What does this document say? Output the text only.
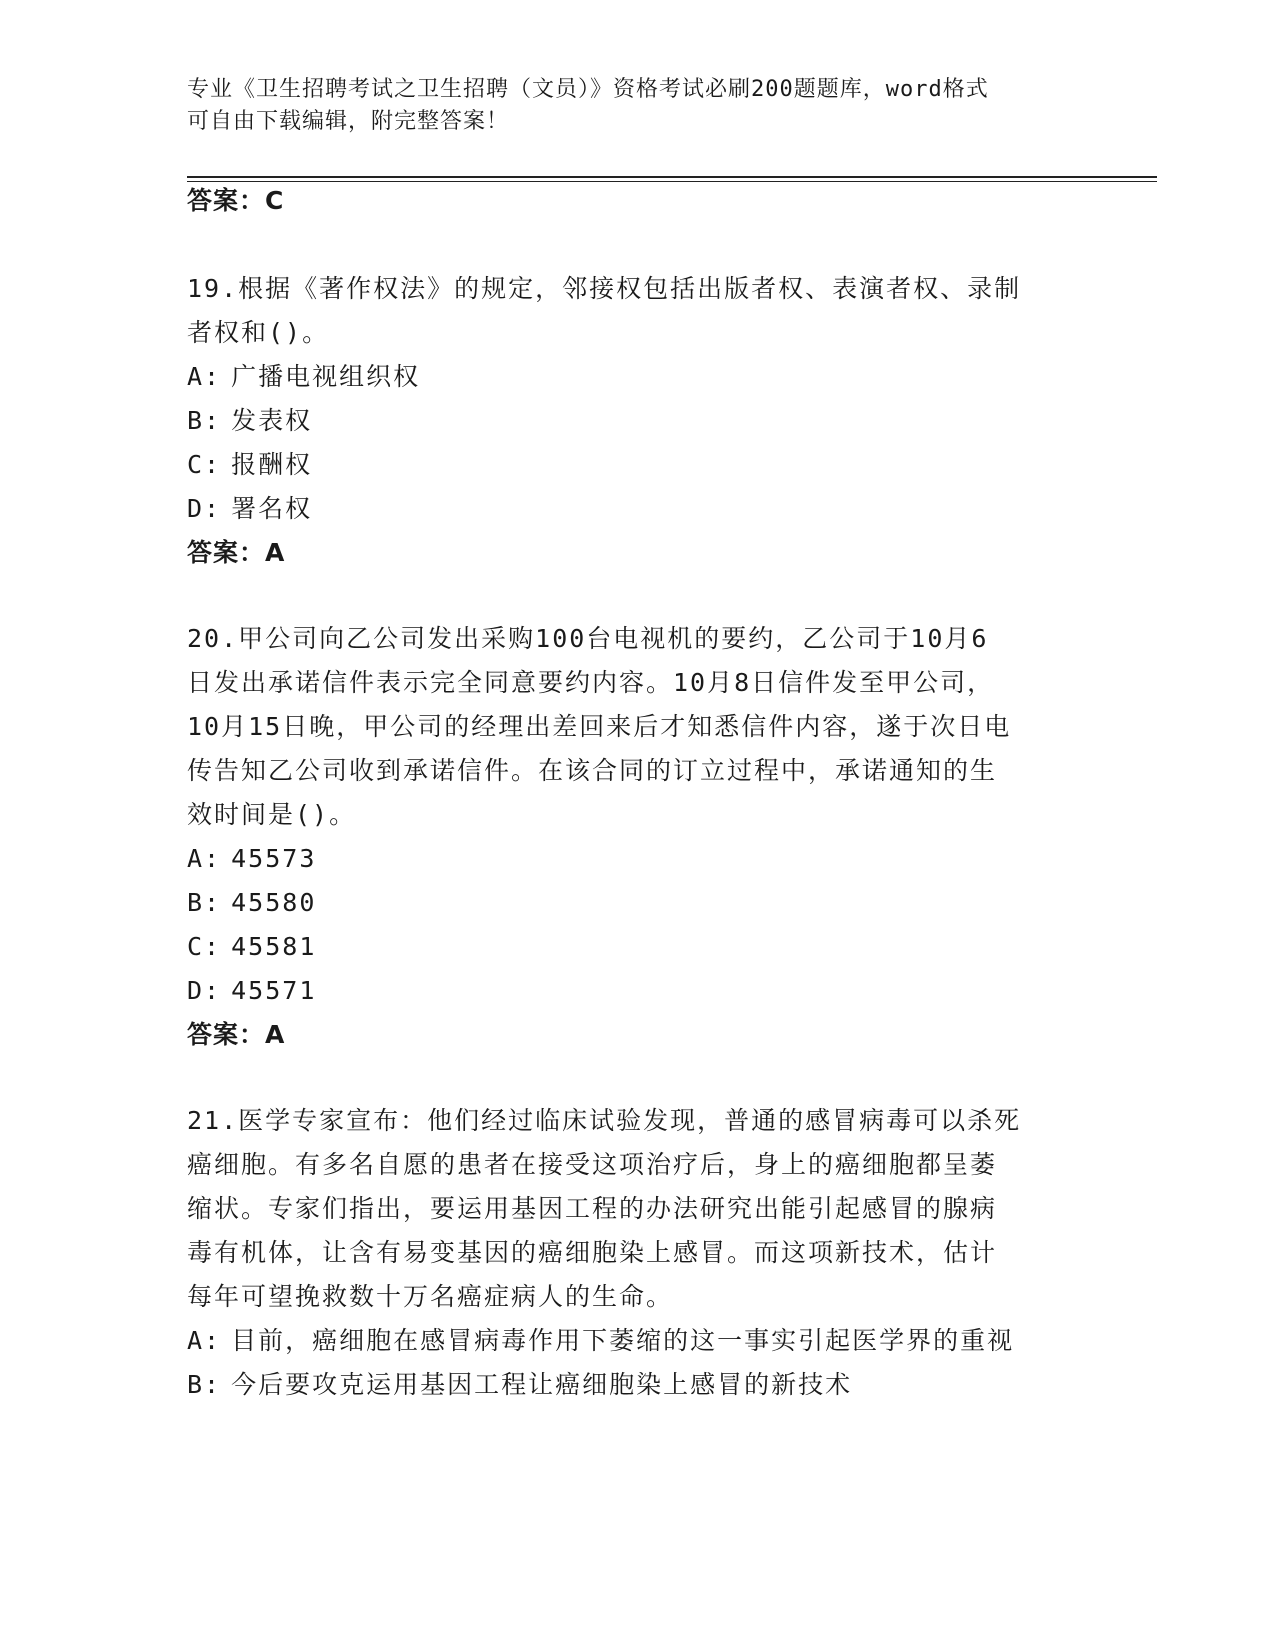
专业《卫生招聘考试之卫生招聘（文员）》资格考试必刷200题题库，word格式
可自由下载编辑，附完整答案！
答案：C
19.根据《著作权法》的规定，邻接权包括出版者权、表演者权、录制
者权和()。
A: 广播电视组织权
B: 发表权
C: 报酬权
D: 署名权
答案：A
20.甲公司向乙公司发出采购100台电视机的要约，乙公司于10月6
日发出承诺信件表示完全同意要约内容。10月8日信件发至甲公司，
10月15日晚，甲公司的经理出差回来后才知悉信件内容，遂于次日电
传告知乙公司收到承诺信件。在该合同的订立过程中，承诺通知的生
效时间是()。
A: 45573
B: 45580
C: 45581
D: 45571
答案：A
21.医学专家宣布：他们经过临床试验发现，普通的感冒病毒可以杀死
癌细胞。有多名自愿的患者在接受这项治疗后，身上的癌细胞都呈萎
缩状。专家们指出，要运用基因工程的办法研究出能引起感冒的腺病
毒有机体，让含有易变基因的癌细胞染上感冒。而这项新技术，估计
每年可望挽救数十万名癌症病人的生命。
A: 目前，癌细胞在感冒病毒作用下萎缩的这一事实引起医学界的重视
B: 今后要攻克运用基因工程让癌细胞染上感冒的新技术
